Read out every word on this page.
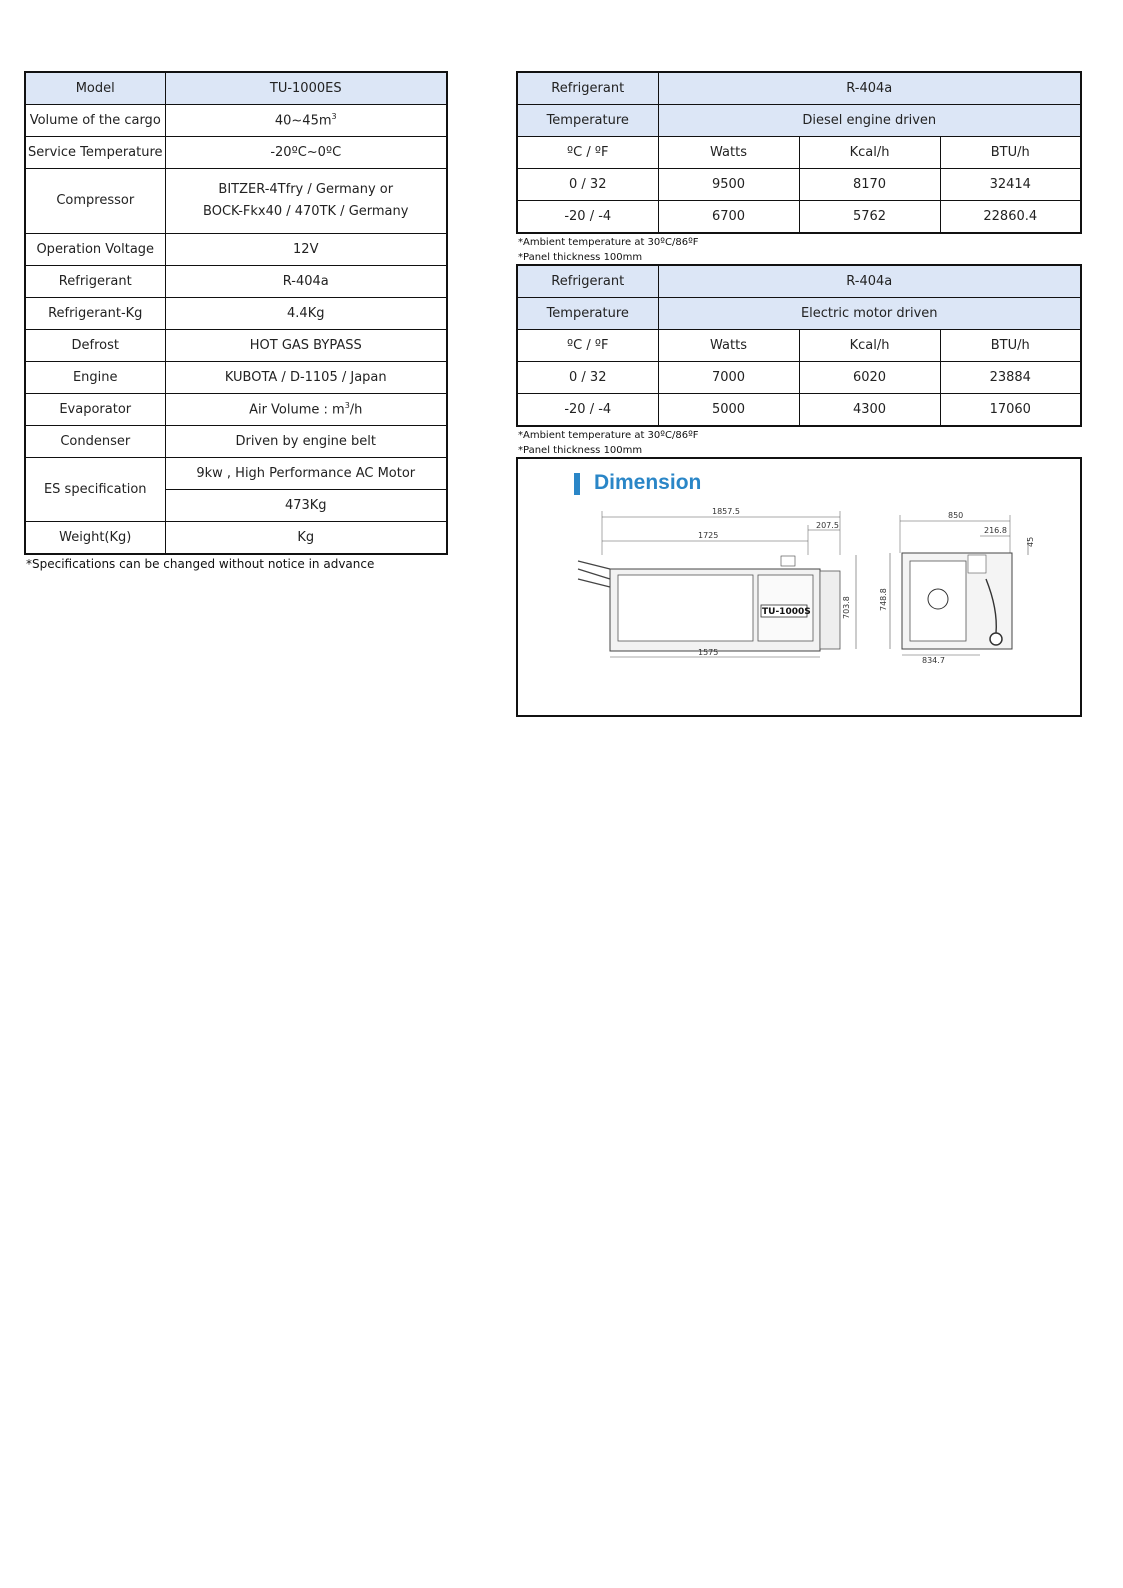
Model	TU-1000ES
Volume of the cargo	$40\sim 45m^3$
Service Temperature	-20ºC~0ºC
Compressor	BITZER-4Tfry / Germany or
BOCK-Fkx40 / 470TK / Germany

Operation Voltage	12V
Refrigerant	R-404a
Refrigerant-Kg	4.4Kg
Defrost	HOT GAS BYPASS
Engine	KUBOTA / D-1105 / Japan
Evaporator	Air Volume : $m^3/h$
Condenser	Driven by engine belt
ES specification	9kw , High Performance AC Motor
	473Kg
Weight(Kg)	Kg
*Specifications can be changed without notice in advance
Refrigerant	R-404a		
Temperature	Diesel engine driven		
ºC / ºF	Watts	Kcal/h	BTU/h
0 / 32	9500	8170	32414
-20 / -4	6700	5762	22860.4
*Ambient temperature at 30ºC/86ºF
*Panel thickness 100mm
Refrigerant	R-404a		
Temperature	Electric motor driven		
ºC / ºF	Watts	Kcal/h	BTU/h
0 / 32	7000	6020	23884
-20 / -4	5000	4300	17060
*Ambient temperature at 30ºC/86ºF
*Panel thickness 100mm
Dimension
1857.5
207.5
1725
TU-1000S	703.8
1575
850
216.8
45
748.8
834.7
